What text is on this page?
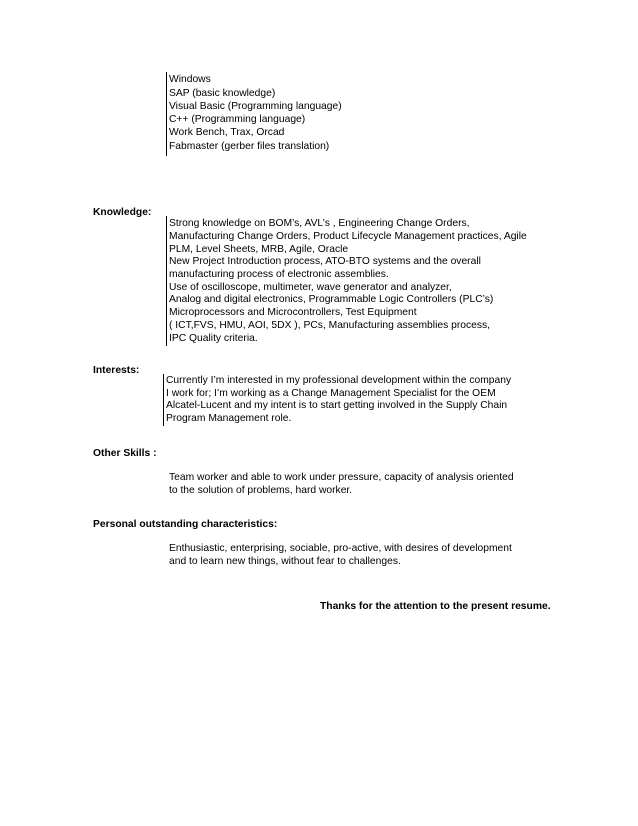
Windows
SAP (basic knowledge)
Visual Basic (Programming language)
C++ (Programming language)
Work Bench, Trax, Orcad
Fabmaster (gerber files translation)
Knowledge:
Strong knowledge on BOM’s, AVL’s , Engineering Change Orders,
Manufacturing Change Orders, Product Lifecycle Management practices, Agile
PLM, Level Sheets, MRB, Agile, Oracle
New Project Introduction process, ATO-BTO systems and the overall
manufacturing process of electronic assemblies.
Use of oscilloscope, multimeter, wave generator and analyzer,
Analog and digital electronics, Programmable Logic Controllers (PLC’s)
Microprocessors and Microcontrollers, Test Equipment
( ICT,FVS, HMU, AOI, 5DX ), PCs, Manufacturing assemblies process,
IPC Quality criteria.
Interests:
Currently I’m interested in my professional development within the company
I work for; I’m working as a Change Management Specialist for the OEM
Alcatel-Lucent and my intent is to start getting involved in the Supply Chain
Program Management role.
Other Skills :
Team worker and able to work under pressure, capacity of analysis oriented
to the solution of problems, hard worker.
Personal outstanding characteristics:
Enthusiastic, enterprising, sociable, pro-active, with desires of development
and to learn new things, without fear to challenges.
Thanks for the attention to the present resume.
